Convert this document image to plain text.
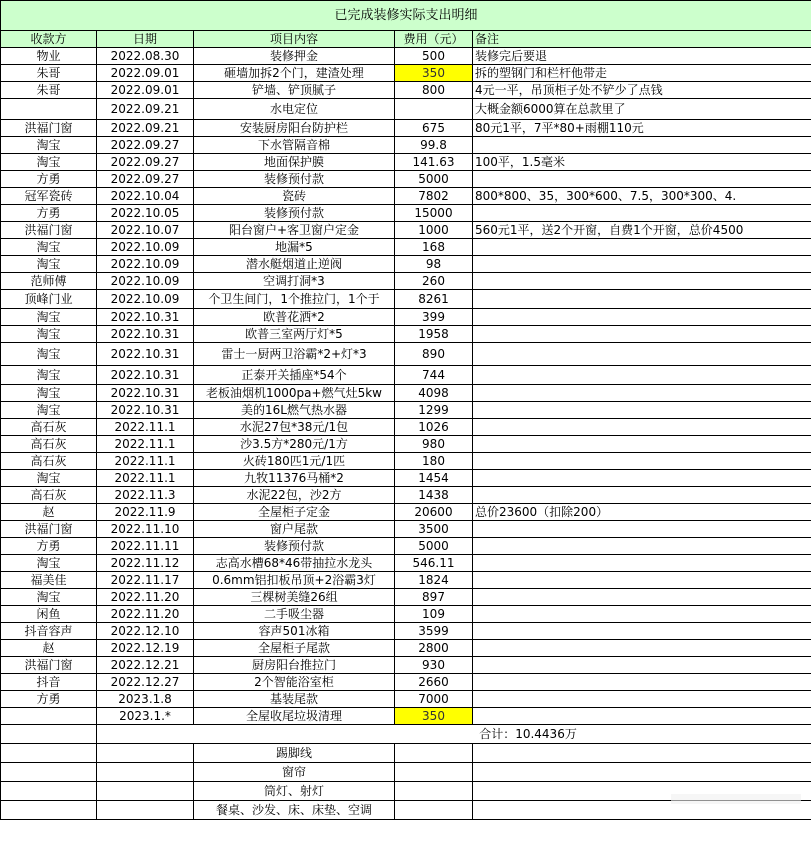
已完成装修实际支出明细				
收款方	日期	项目内容	费用（元）	备注
物业	2022.08.30	装修押金	500	装修完后要退
朱哥	2022.09.01	砸墙加拆2个门，建渣处理	350	拆的塑钢门和栏杆他带走
朱哥	2022.09.01	铲墙、铲顶腻子	800	4元一平，吊顶柜子处不铲少了点钱
	2022.09.21	水电定位		大概金额6000算在总款里了
洪福门窗	2022.09.21	安装厨房阳台防护栏	675	80元1平，7平*80+雨棚110元
淘宝	2022.09.27	下水管隔音棉	99.8	
淘宝	2022.09.27	地面保护膜	141.63	100平，1.5毫米
方勇	2022.09.27	装修预付款	5000	
冠军瓷砖	2022.10.04	瓷砖	7802	800*800、35，300*600、7.5，300*300、4.
方勇	2022.10.05	装修预付款	15000	
洪福门窗	2022.10.07	阳台窗户+客卫窗户定金	1000	560元1平，送2个开窗，自费1个开窗，总价4500
淘宝	2022.10.09	地漏*5	168	
淘宝	2022.10.09	潜水艇烟道止逆阀	98	
范师傅	2022.10.09	空调打洞*3	260	
顶峰门业	2022.10.09	个卫生间门，1个推拉门，1个于	8261	
淘宝	2022.10.31	欧普花洒*2	399	
淘宝	2022.10.31	欧普三室两厅灯*5	1958	
淘宝	2022.10.31	雷士一厨两卫浴霸*2+灯*3	890	
淘宝	2022.10.31	正泰开关插座*54个	744	
淘宝	2022.10.31	老板油烟机1000pa+燃气灶5kw	4098	
淘宝	2022.10.31	美的16L燃气热水器	1299	
高石灰	2022.11.1	水泥27包*38元/1包	1026	
高石灰	2022.11.1	沙3.5方*280元/1方	980	
高石灰	2022.11.1	火砖180匹1元/1匹	180	
淘宝	2022.11.1	九牧11376马桶*2	1454	
高石灰	2022.11.3	水泥22包，沙2方	1438	
赵	2022.11.9	全屋柜子定金	20600	总价23600（扣除200）
洪福门窗	2022.11.10	窗户尾款	3500	
方勇	2022.11.11	装修预付款	5000	
淘宝	2022.11.12	志高水槽68*46带抽拉水龙头	546.11	
福美佳	2022.11.17	0.6mm铝扣板吊顶+2浴霸3灯	1824	
淘宝	2022.11.20	三棵树美缝26组	897	
闲鱼	2022.11.20	二手吸尘器	109	
抖音容声	2022.12.10	容声501冰箱	3599	
赵	2022.12.19	全屋柜子尾款	2800	
洪福门窗	2022.12.21	厨房阳台推拉门	930	
抖音	2022.12.27	2个智能浴室柜	2660	
方勇	2023.1.8	基装尾款	7000	
	2023.1.*	全屋收尾垃圾清理	350	
	合计：10.4436万			
		踢脚线		
		窗帘		
		筒灯、射灯		
		餐桌、沙发、床、床垫、空调		
